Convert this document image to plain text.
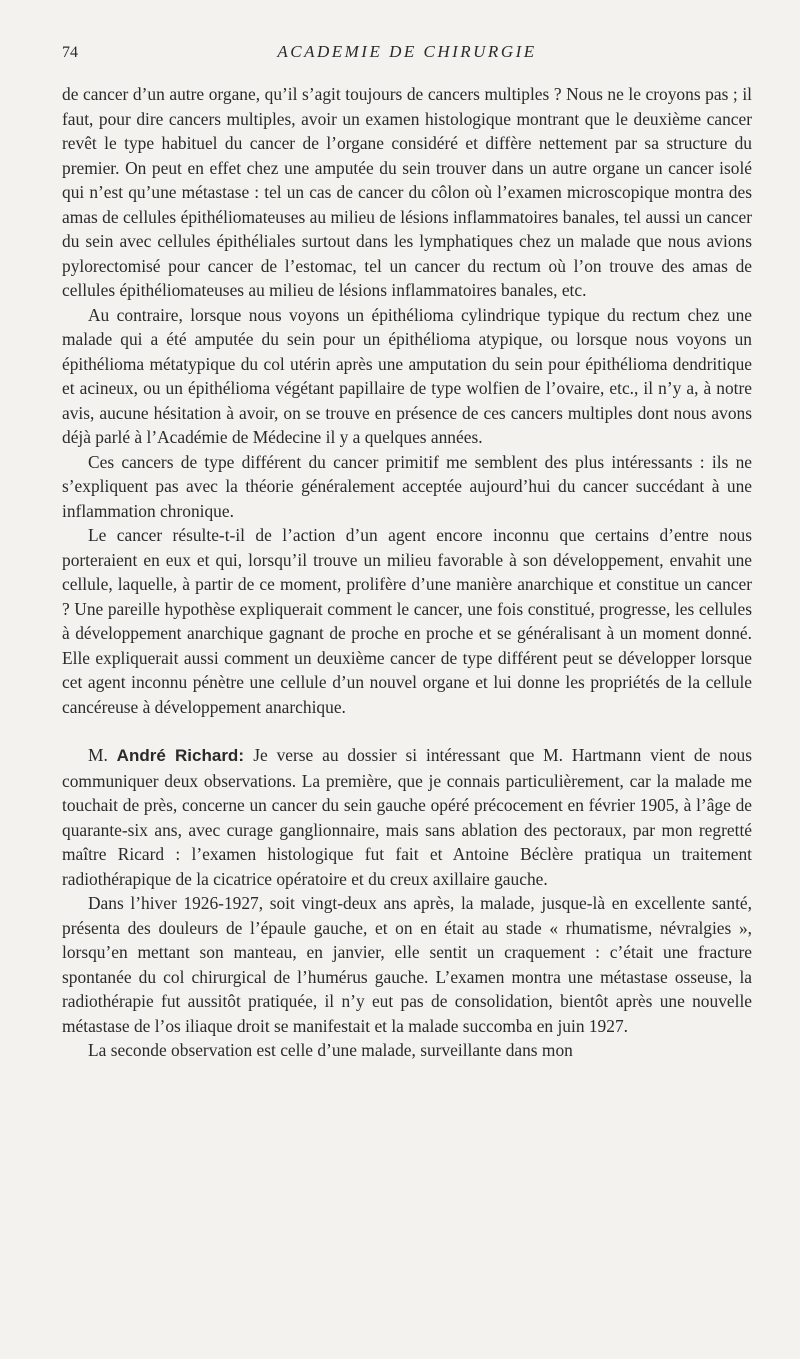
74	ACADEMIE DE CHIRURGIE

de cancer d’un autre organe, qu’il s’agit toujours de cancers multiples ? Nous ne le croyons pas ; il faut, pour dire cancers multiples, avoir un examen histologique montrant que le deuxième cancer revêt le type habituel du cancer de l’organe considéré et diffère nettement par sa structure du premier. On peut en effet chez une amputée du sein trouver dans un autre organe un cancer isolé qui n’est qu’une métastase : tel un cas de cancer du côlon où l’examen microscopique montra des amas de cellules épithéliomateuses au milieu de lésions inflammatoires banales, tel aussi un cancer du sein avec cellules épithéliales surtout dans les lymphatiques chez un malade que nous avions pylorectomisé pour cancer de l’estomac, tel un cancer du rectum où l’on trouve des amas de cellules épithéliomateuses au milieu de lésions inflammatoires banales, etc.

Au contraire, lorsque nous voyons un épithélioma cylindrique typique du rectum chez une malade qui a été amputée du sein pour un épithélioma atypique, ou lorsque nous voyons un épithélioma métatypique du col utérin après une amputation du sein pour épithélioma dendritique et acineux, ou un épithélioma végétant papillaire de type wolfien de l’ovaire, etc., il n’y a, à notre avis, aucune hésitation à avoir, on se trouve en présence de ces cancers multiples dont nous avons déjà parlé à l’Académie de Médecine il y a quelques années.

Ces cancers de type différent du cancer primitif me semblent des plus intéressants : ils ne s’expliquent pas avec la théorie généralement acceptée aujourd’hui du cancer succédant à une inflammation chronique.

Le cancer résulte-t-il de l’action d’un agent encore inconnu que certains d’entre nous porteraient en eux et qui, lorsqu’il trouve un milieu favorable à son développement, envahit une cellule, laquelle, à partir de ce moment, prolifère d’une manière anarchique et constitue un cancer ? Une pareille hypothèse expliquerait comment le cancer, une fois constitué, progresse, les cellules à développement anarchique gagnant de proche en proche et se généralisant à un moment donné. Elle expliquerait aussi comment un deuxième cancer de type différent peut se développer lorsque cet agent inconnu pénètre une cellule d’un nouvel organe et lui donne les propriétés de la cellule cancéreuse à développement anarchique.

M. André Richard: Je verse au dossier si intéressant que M. Hartmann vient de nous communiquer deux observations. La première, que je connais particulièrement, car la malade me touchait de près, concerne un cancer du sein gauche opéré précocement en février 1905, à l’âge de quarante-six ans, avec curage ganglionnaire, mais sans ablation des pectoraux, par mon regretté maître Ricard : l’examen histologique fut fait et Antoine Béclère pratiqua un traitement radiothérapique de la cicatrice opératoire et du creux axillaire gauche.

Dans l’hiver 1926-1927, soit vingt-deux ans après, la malade, jusque-là en excellente santé, présenta des douleurs de l’épaule gauche, et on en était au stade « rhumatisme, névralgies », lorsqu’en mettant son manteau, en janvier, elle sentit un craquement : c’était une fracture spontanée du col chirurgical de l’humérus gauche. L’examen montra une métastase osseuse, la radiothérapie fut aussitôt pratiquée, il n’y eut pas de consolidation, bientôt après une nouvelle métastase de l’os iliaque droit se manifestait et la malade succomba en juin 1927.

La seconde observation est celle d’une malade, surveillante dans mon
